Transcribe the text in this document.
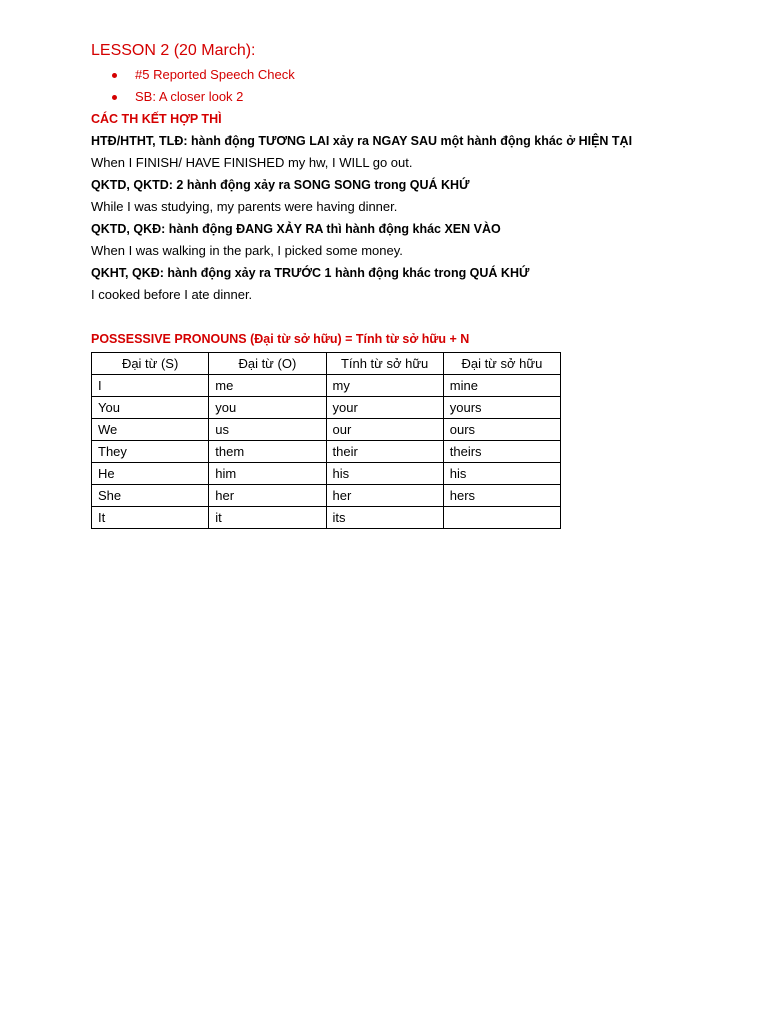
LESSON 2 (20 March):
#5 Reported Speech Check
SB: A closer look 2
CÁC TH KẾT HỢP THÌ
HTĐ/HTHT, TLĐ: hành động TƯƠNG LAI xảy ra NGAY SAU một hành động khác ở HIỆN TẠI
When I FINISH/ HAVE FINISHED my hw, I WILL go out.
QKTD, QKTD: 2 hành động xảy ra SONG SONG trong QUÁ KHỨ
While I was studying, my parents were having dinner.
QKTD, QKĐ: hành động ĐANG XẢY RA thì hành động khác XEN VÀO
When I was walking in the park, I picked some money.
QKHT, QKĐ: hành động xảy ra TRƯỚC 1 hành động khác trong QUÁ KHỨ
I cooked before I ate dinner.
POSSESSIVE PRONOUNS (Đại từ sở hữu) = Tính từ sở hữu + N
Đại từ (S)	Đại từ (O)	Tính từ sở hữu	Đại từ sở hữu
I	me	my	mine
You	you	your	yours
We	us	our	ours
They	them	their	theirs
He	him	his	his
She	her	her	hers
It	it	its	
